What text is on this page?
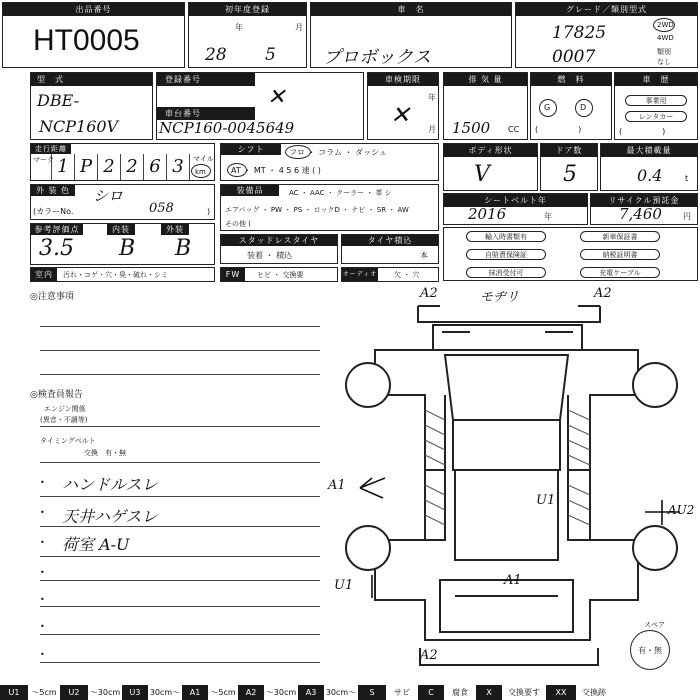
出品番号
HT0005
初年度登録
年	月
28 5
車　名
プロボックス
グレード／類別型式
17825
0007
2WD
4WD
類別なし
型　式
DBE-
NCP160V
登録番号
✕
車台番号
NCP160-0045649
車検期限
年
月
✕
排 気 量
1500 CC
燃　料
G	D
(　　　　　)
車　歴
事業用
レンタカー
(　　　　　)
走行距離
マーク 1 P 2 2 6 3	マイル
km
シフト	フロ ・ コラム ・ ダッシュ
AT ・ MT ・ 4 5 6 速 ( )
ボディ形状
V
ドア数
5
最大積載量
0.4	t
外 装 色	シロ
(カラーNo.	058	)
装備品	AC ・ AAC ・ クーラー ・ 革 シ
エアバッグ ・ PW ・ PS ・ ロックD ・ ナビ ・ SR ・ AW
その他 (
シートベルト年
2016	年
リサイクル預託金
7,460	円
参考評価点	内装	外装
3.5 B B	スタッドレスタイヤ
装着 ・ 積込
タイヤ積込
本
輸入時書類有	新車保証書
自賠責保険証	納税証明書
抹消受付可	充電ケーブル
室内	汚れ・コゲ・穴・臭・破れ・シミ	FW	ヒビ ・ 交換要	オーディオ 欠 ・ 穴
◎注意事項
◎検査員報告
エンジン関係
(異音・不調等)
タイミングベルト
交換　有・無
• ハンドルスレ
• 天井ハゲスレ
• 荷室 A-U
•
•
•
•
A2	モヂリ	A2
A1
U1
AU2
A1
U1
A2
スペア
有・無
U1	～5cm	U2	～30cm	U3	30cm～	A1	～5cm	A2	～30cm	A3	30cm～	S	サビ	C	腐食	X	交換要す	XX	交換跡
